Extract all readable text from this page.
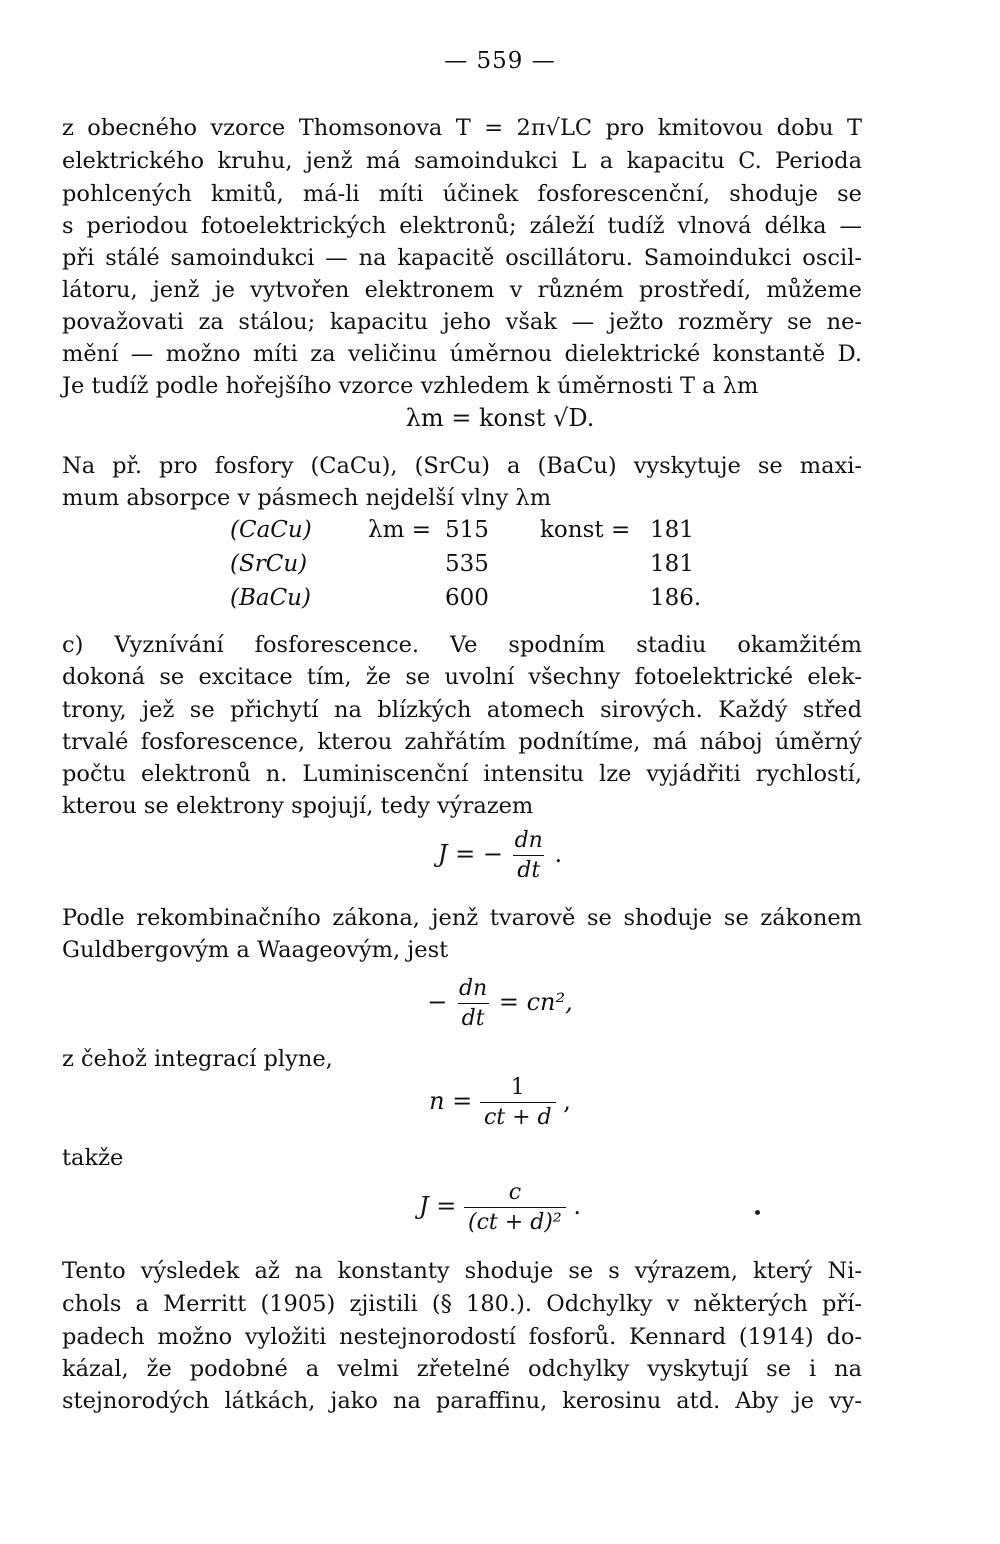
— 559 —
z obecného vzorce Thomsonova T = 2π√LC pro kmitovou dobu T
elektrického kruhu, jenž má samoindukci L a kapacitu C. Perioda
pohlcených kmitů, má-li míti účinek fosforescenční, shoduje se
s periodou fotoelektrických elektronů; záleží tudíž vlnová délka —
při stálé samoindukci — na kapacitě oscillátoru. Samoindukci oscil-
látoru, jenž je vytvořen elektronem v různém prostředí, můžeme
považovati za stálou; kapacitu jeho však — ježto rozměry se ne-
mění — možno míti za veličinu úměrnou dielektrické konstantě D.
Je tudíž podle hořejšího vzorce vzhledem k úměrnosti T a λm
λm = konst √D.
Na př. pro fosfory (CaCu), (SrCu) a (BaCu) vyskytuje se maxi-
mum absorpce v pásmech nejdelší vlny λm
(CaCu) λm = 515 konst = 181
(SrCu)	535	181
(BaCu)	600	186.
c) Vyznívání fosforescence. Ve spodním stadiu okamžitém
dokoná se excitace tím, že se uvolní všechny fotoelektrické elek-
trony, jež se přichytí na blízkých atomech sirových. Každý střed
trvalé fosforescence, kterou zahřátím podnítíme, má náboj úměrný
počtu elektronů n. Luminiscenční intensitu lze vyjádřiti rychlostí,
kterou se elektrony spojují, tedy výrazem
J = − $\frac{dn}{dt}$ .
Podle rekombinačního zákona, jenž tvarově se shoduje se zákonem
Guldbergovým a Waageovým, jest
− $\frac{dn}{dt} = cn^2$,
z čehož integrací plyne,
$n = \frac{1}{ct + d}$ ,
takže
$J = \frac{c}{\text{(ct + d)²}}$ .
Tento výsledek až na konstanty shoduje se s výrazem, který Ni-
chols a Merritt (1905) zjistili (§ 180.). Odchylky v některých pří-
padech možno vyložiti nestejnorodostí fosforů. Kennard (1914) do-
kázal, že podobné a velmi zřetelné odchylky vyskytují se i na
stejnorodých látkách, jako na paraffinu, kerosinu atd. Aby je vy-
